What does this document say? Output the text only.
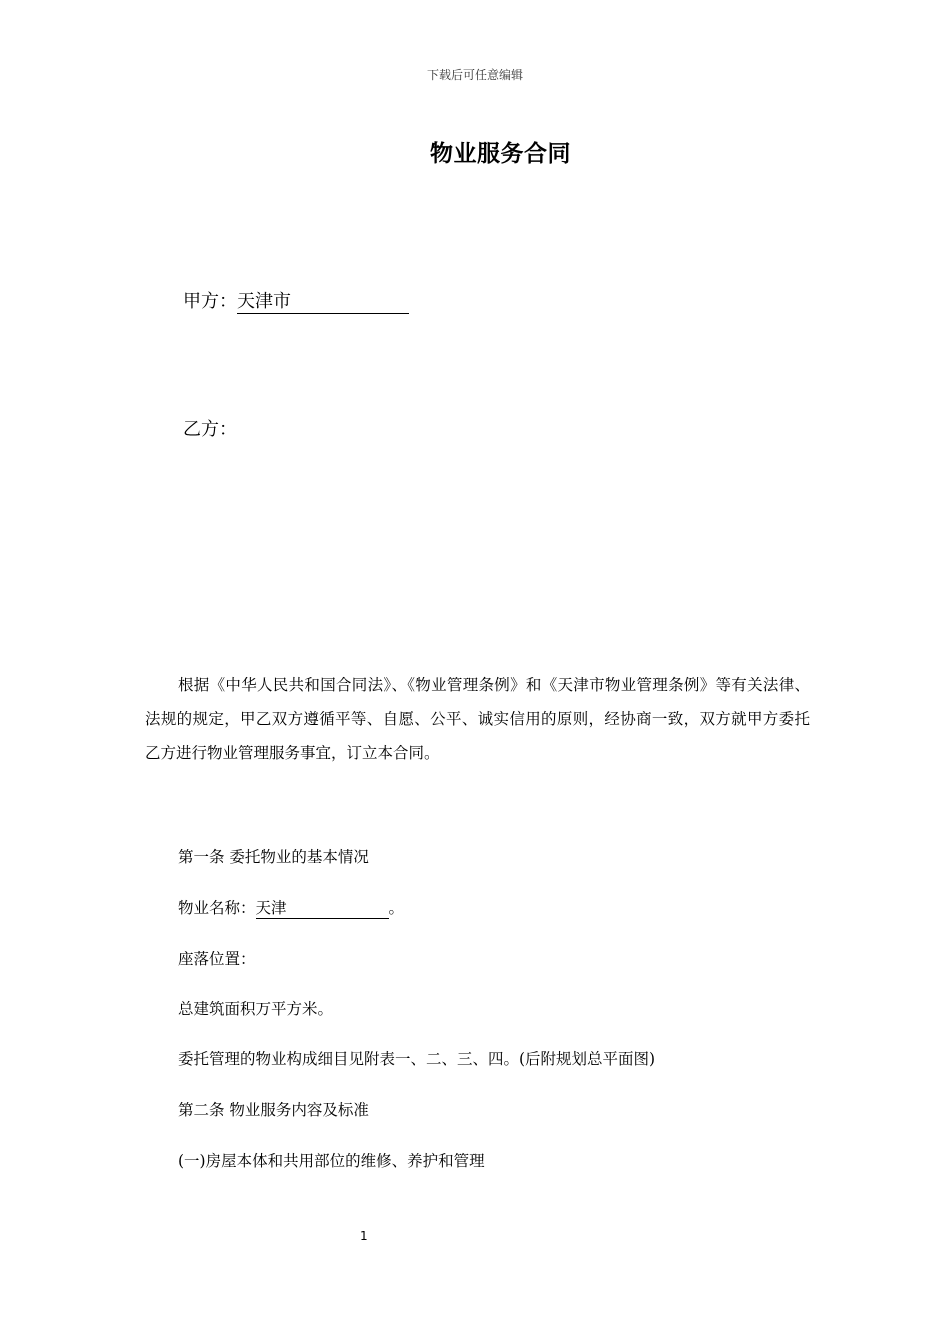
下载后可任意编辑
物业服务合同
甲方：天津市
乙方：
根据《中华人民共和国合同法》、《物业管理条例》和《天津市物业管理条例》等有关法律、法规的规定，甲乙双方遵循平等、自愿、公平、诚实信用的原则，经协商一致，双方就甲方委托乙方进行物业管理服务事宜，订立本合同。
第一条 委托物业的基本情况
物业名称：天津	。
座落位置：
总建筑面积万平方米。
委托管理的物业构成细目见附表一、二、三、四。(后附规划总平面图)
第二条 物业服务内容及标准
(一)房屋本体和共用部位的维修、养护和管理
1
